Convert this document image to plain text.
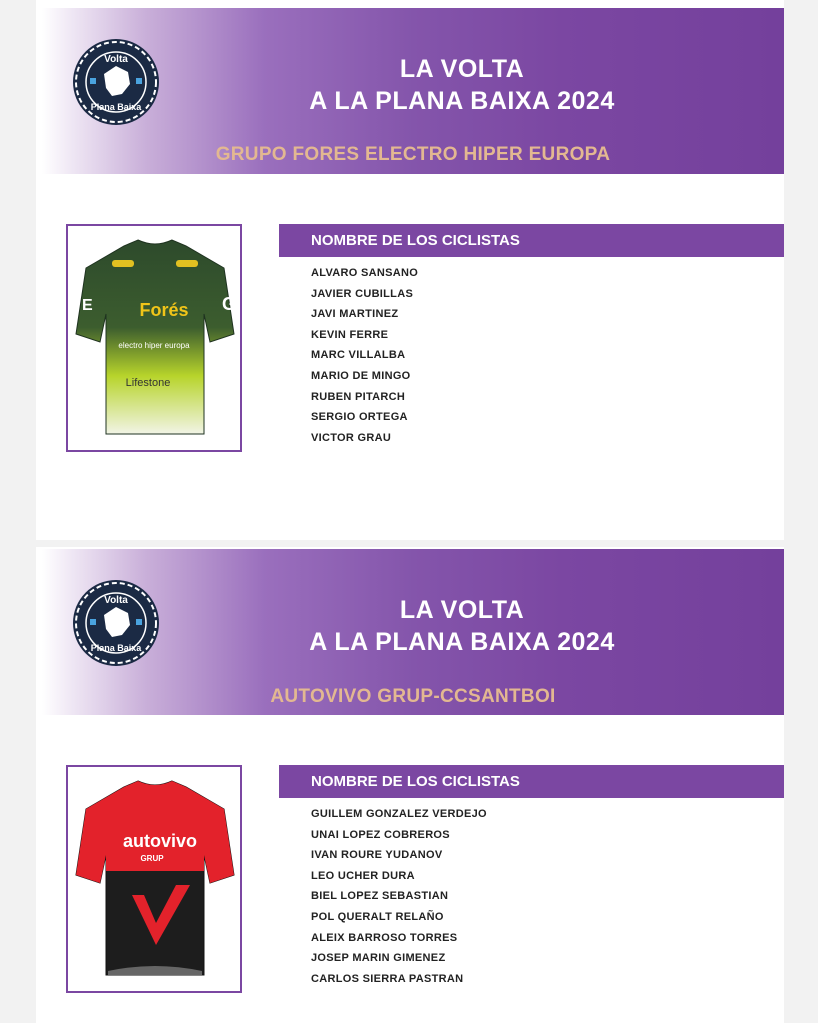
Volta
Plana Baixa
LA VOLTA
A LA PLANA BAIXA 2024
GRUPO FORES ELECTRO HIPER EUROPA
Forés
electro hiper europa
Lifestone
G
E
NOMBRE DE LOS CICLISTAS
ALVARO SANSANO
JAVIER CUBILLAS
JAVI MARTINEZ
KEVIN FERRE
MARC VILLALBA
MARIO DE MINGO
RUBEN PITARCH
SERGIO ORTEGA
VICTOR GRAU
Volta
Plana Baixa
LA VOLTA
A LA PLANA BAIXA 2024
AUTOVIVO GRUP-CCSANTBOI
autovivo
GRUP
NOMBRE DE LOS CICLISTAS
GUILLEM GONZALEZ VERDEJO
UNAI LOPEZ COBREROS
IVAN ROURE YUDANOV
LEO UCHER DURA
BIEL LOPEZ SEBASTIAN
POL QUERALT RELAÑO
ALEIX BARROSO TORRES
JOSEP MARIN GIMENEZ
CARLOS SIERRA PASTRAN
